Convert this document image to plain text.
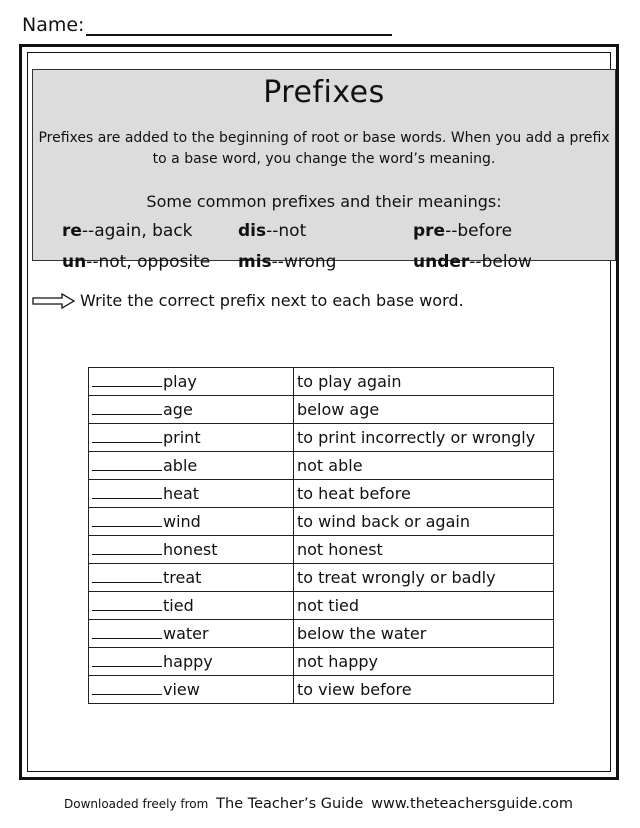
Name:
Prefixes

Prefixes are added to the beginning of root or base words. When you add a prefix

to a base word, you change the word’s meaning.

Some common prefixes and their meanings:
re--again, back	dis--not	pre--before
un--not, opposite mis--wrong	under--below
Write the correct prefix next to each base word.
play	to play again
age	below age
print	to print incorrectly or wrongly
able	not able
heat	to heat before
wind	to wind back or again
honest	not honest
treat	to treat wrongly or badly
tied	not tied
water	below the water
happy	not happy
view	to view before
Downloaded freely from The Teacher’s Guide www.theteachersguide.com
